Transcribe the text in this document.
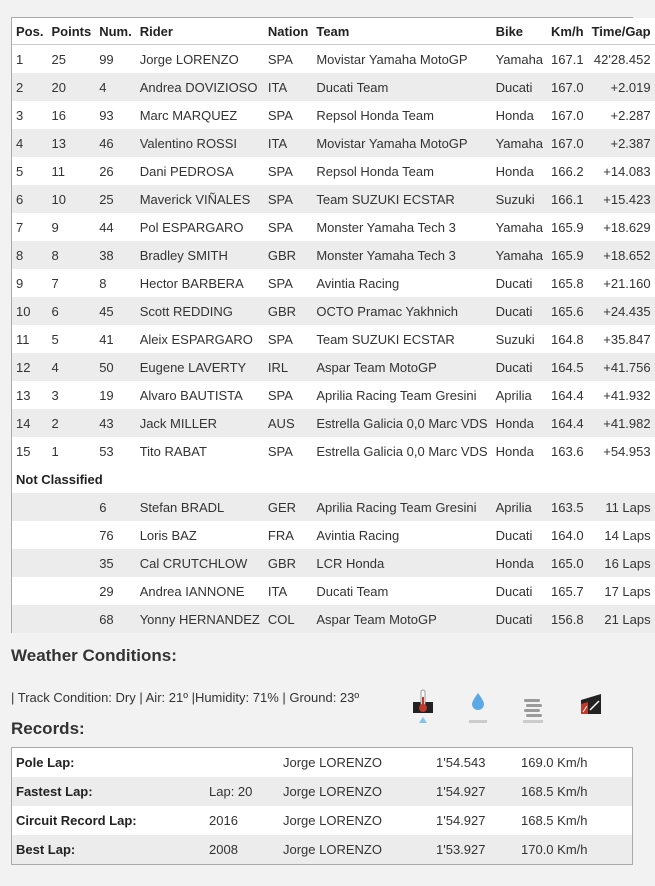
Pos.	Points	Num.	Rider	Nation	Team	Bike	Km/h	Time/Gap
1	25	99	Jorge LORENZO	SPA	Movistar Yamaha MotoGP	Yamaha	167.1	42'28.452
2	20	4	Andrea DOVIZIOSO	ITA	Ducati Team	Ducati	167.0	+2.019
3	16	93	Marc MARQUEZ	SPA	Repsol Honda Team	Honda	167.0	+2.287
4	13	46	Valentino ROSSI	ITA	Movistar Yamaha MotoGP	Yamaha	167.0	+2.387
5	11	26	Dani PEDROSA	SPA	Repsol Honda Team	Honda	166.2	+14.083
6	10	25	Maverick VIÑALES	SPA	Team SUZUKI ECSTAR	Suzuki	166.1	+15.423
7	9	44	Pol ESPARGARO	SPA	Monster Yamaha Tech 3	Yamaha	165.9	+18.629
8	8	38	Bradley SMITH	GBR	Monster Yamaha Tech 3	Yamaha	165.9	+18.652
9	7	8	Hector BARBERA	SPA	Avintia Racing	Ducati	165.8	+21.160
10	6	45	Scott REDDING	GBR	OCTO Pramac Yakhnich	Ducati	165.6	+24.435
11	5	41	Aleix ESPARGARO	SPA	Team SUZUKI ECSTAR	Suzuki	164.8	+35.847
12	4	50	Eugene LAVERTY	IRL	Aspar Team MotoGP	Ducati	164.5	+41.756
13	3	19	Alvaro BAUTISTA	SPA	Aprilia Racing Team Gresini	Aprilia	164.4	+41.932
14	2	43	Jack MILLER	AUS	Estrella Galicia 0,0 Marc VDS	Honda	164.4	+41.982
15	1	53	Tito RABAT	SPA	Estrella Galicia 0,0 Marc VDS	Honda	163.6	+54.953
Not Classified								
		6	Stefan BRADL	GER	Aprilia Racing Team Gresini	Aprilia	163.5	11 Laps
		76	Loris BAZ	FRA	Avintia Racing	Ducati	164.0	14 Laps
		35	Cal CRUTCHLOW	GBR	LCR Honda	Honda	165.0	16 Laps
		29	Andrea IANNONE	ITA	Ducati Team	Ducati	165.7	17 Laps
		68	Yonny HERNANDEZ	COL	Aspar Team MotoGP	Ducati	156.8	21 Laps
Weather Conditions:
| Track Condition: Dry | Air: 21º |Humidity: 71% | Ground: 23º
Records:
Pole Lap:		Jorge LORENZO	1'54.543	169.0 Km/h
Fastest Lap:	Lap: 20	Jorge LORENZO	1'54.927	168.5 Km/h
Circuit Record Lap:	2016	Jorge LORENZO	1'54.927	168.5 Km/h
Best Lap:	2008	Jorge LORENZO	1'53.927	170.0 Km/h
